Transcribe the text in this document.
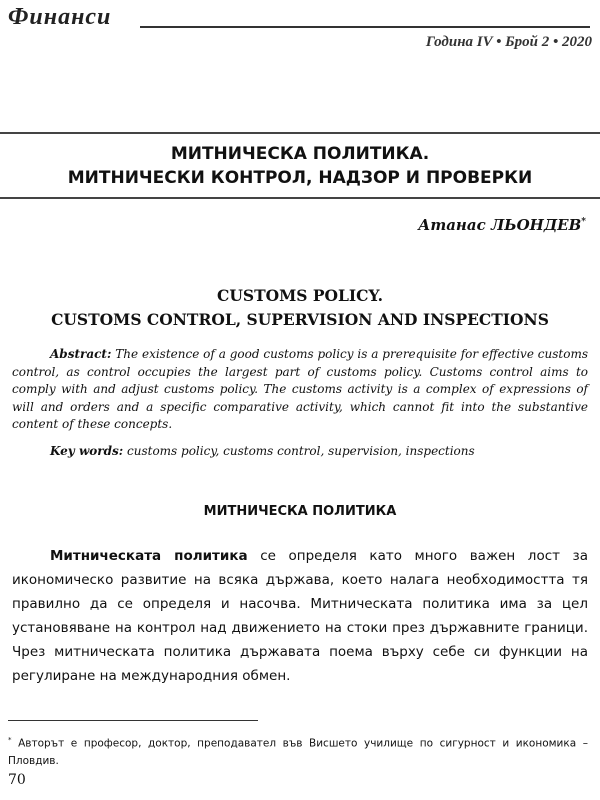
Финанси
Година IV • Брой 2 • 2020
МИТНИЧЕСКА ПОЛИТИКА.
МИТНИЧЕСКИ КОНТРОЛ, НАДЗОР И ПРОВЕРКИ
Атанас ЛЬОНДЕВ*
CUSTOMS POLICY.
CUSTOMS CONTROL, SUPERVISION AND INSPECTIONS
Abstract: The existence of a good customs policy is a prerequisite for effective customs control, as control occupies the largest part of customs policy. Customs control aims to comply with and adjust customs policy. The customs activity is a complex of expressions of will and orders and a specific comparative activity, which cannot fit into the substantive content of these concepts.
Key words: customs policy, customs control, supervision, inspections
МИТНИЧЕСКА ПОЛИТИКА
Митническата политика се определя като много важен лост за икономическо развитие на всяка държава, което налага необходимостта тя правилно да се определя и насочва. Митническата политика има за цел установяване на контрол над движението на стоки през държавните граници. Чрез митническата политика държавата поема върху себе си функции на регулиране на международния обмен.
* Авторът е професор, доктор, преподавател във Висшето училище по сигурност и икономика – Пловдив.
70
